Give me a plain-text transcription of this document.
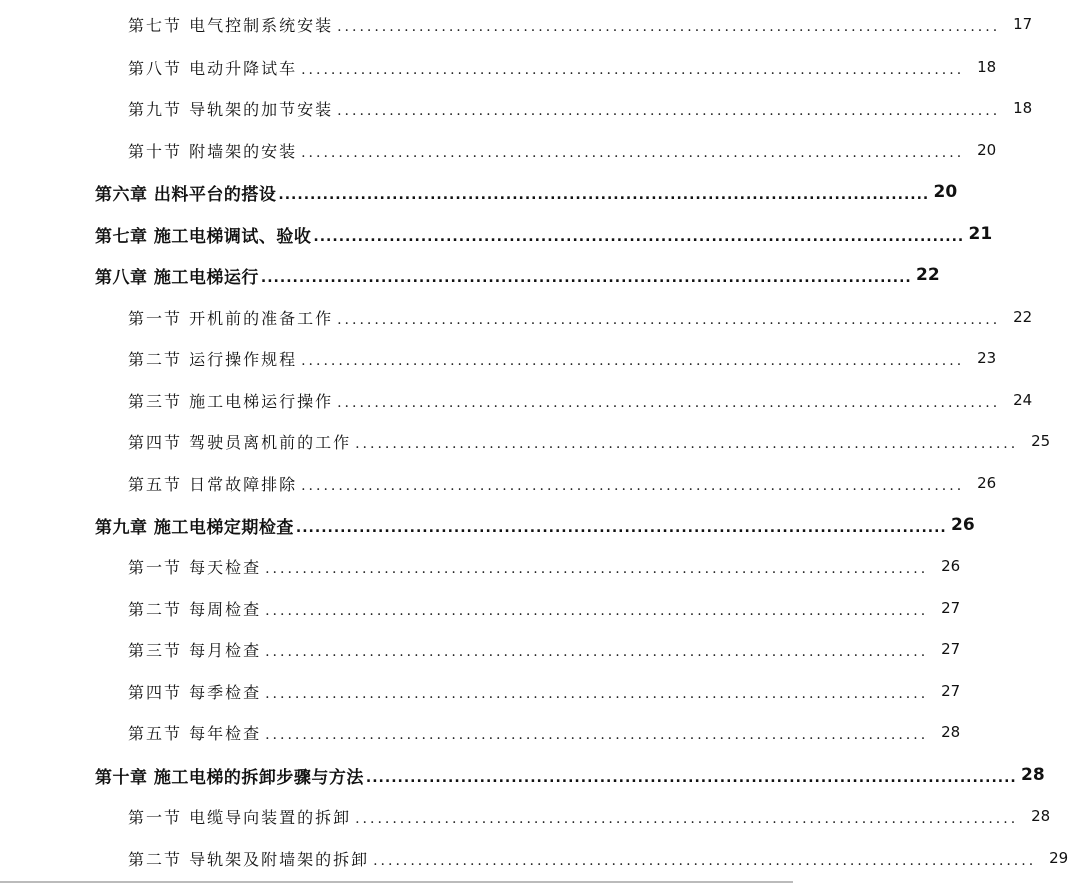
第七节 电气控制系统安装 ......................................................................................... 17
第八节 电动升降试车 ......................................................................................... 18
第九节 导轨架的加节安装 ......................................................................................... 18
第十节 附墙架的安装 ......................................................................................... 20
第六章 出料平台的搭设 ....................................................................................................... 20
第七章 施工电梯调试、验收 ....................................................................................................... 21
第八章 施工电梯运行 ....................................................................................................... 22
第一节 开机前的准备工作 ......................................................................................... 22
第二节 运行操作规程 ......................................................................................... 23
第三节 施工电梯运行操作 ......................................................................................... 24
第四节 驾驶员离机前的工作 ......................................................................................... 25
第五节 日常故障排除 ......................................................................................... 26
第九章 施工电梯定期检查 ....................................................................................................... 26
第一节 每天检查 ......................................................................................... 26
第二节 每周检查 ......................................................................................... 27
第三节 每月检查 ......................................................................................... 27
第四节 每季检查 ......................................................................................... 27
第五节 每年检查 ......................................................................................... 28
第十章 施工电梯的拆卸步骤与方法 ....................................................................................................... 28
第一节 电缆导向装置的拆卸 ......................................................................................... 28
第二节 导轨架及附墙架的拆卸 ......................................................................................... 29
